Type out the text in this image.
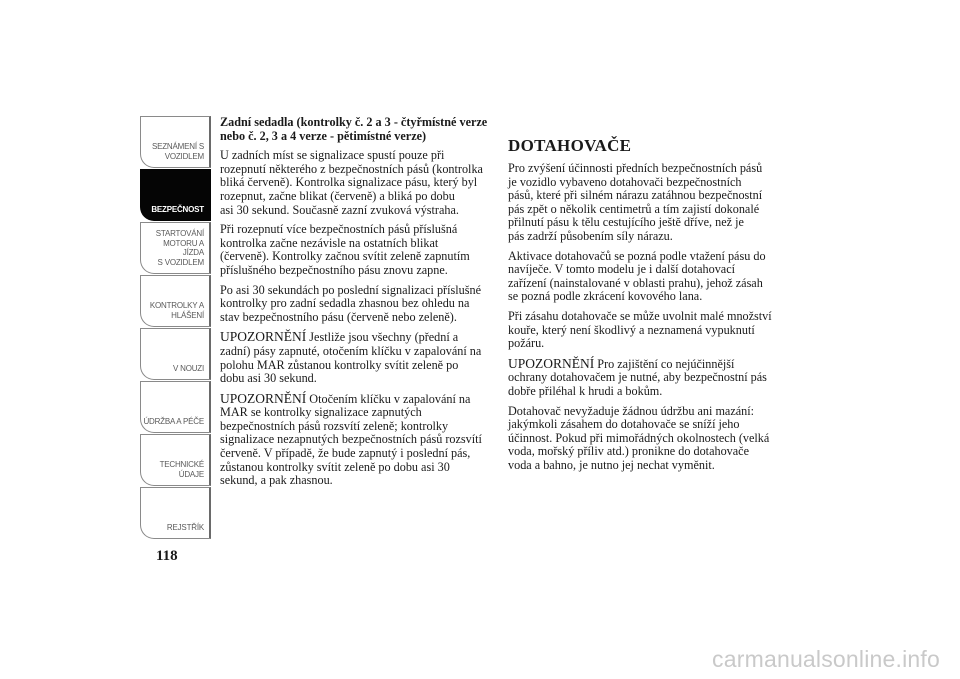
SEZNÁMENÍ S
VOZIDLEM
BEZPEČNOST
STARTOVÁNÍ
MOTORU A JÍZDA
S VOZIDLEM
KONTROLKY A
HLÁŠENÍ
V NOUZI
ÚDRŽBA A PÉČE
TECHNICKÉ
ÚDAJE
REJSTŘÍK
118

Zadní sedadla (kontrolky č. 2 a 3 - čtyřmístné verze
nebo č. 2, 3 a 4 verze - pětimístné verze)

U zadních míst se signalizace spustí pouze při
rozepnutí některého z bezpečnostních pásů (kontrolka
bliká červeně). Kontrolka signalizace pásu, který byl
rozepnut, začne blikat (červeně) a bliká po dobu
asi 30 sekund. Současně zazní zvuková výstraha.

Při rozepnutí více bezpečnostních pásů příslušná
kontrolka začne nezávisle na ostatních blikat
(červeně). Kontrolky začnou svítit zeleně zapnutím
příslušného bezpečnostního pásu znovu zapne.

Po asi 30 sekundách po poslední signalizaci příslušné
kontrolky pro zadní sedadla zhasnou bez ohledu na
stav bezpečnostního pásu (červeně nebo zeleně).

UPOZORNĚNÍ Jestliže jsou všechny (přední a
zadní) pásy zapnuté, otočením klíčku v zapalování na
polohu MAR zůstanou kontrolky svítit zeleně po
dobu asi 30 sekund.

UPOZORNĚNÍ Otočením klíčku v zapalování na
MAR se kontrolky signalizace zapnutých
bezpečnostních pásů rozsvítí zeleně; kontrolky
signalizace nezapnutých bezpečnostních pásů rozsvítí
červeně. V případě, že bude zapnutý i poslední pás,
zůstanou kontrolky svítit zeleně po dobu asi 30
sekund, a pak zhasnou.

DOTAHOVAČE

Pro zvýšení účinnosti předních bezpečnostních pásů
je vozidlo vybaveno dotahovači bezpečnostních
pásů, které při silném nárazu zatáhnou bezpečnostní
pás zpět o několik centimetrů a tím zajistí dokonalé
přilnutí pásu k tělu cestujícího ještě dříve, než je
pás zadrží působením síly nárazu.

Aktivace dotahovačů se pozná podle vtažení pásu do
navíječe. V tomto modelu je i další dotahovací
zařízení (nainstalované v oblasti prahu), jehož zásah
se pozná podle zkrácení kovového lana.

Při zásahu dotahovače se může uvolnit malé množství
kouře, který není škodlivý a neznamená vypuknutí
požáru.

UPOZORNĚNÍ Pro zajištění co nejúčinnější
ochrany dotahovačem je nutné, aby bezpečnostní pás
dobře přiléhal k hrudi a bokům.

Dotahovač nevyžaduje žádnou údržbu ani mazání:
jakýmkoli zásahem do dotahovače se sníží jeho
účinnost. Pokud při mimořádných okolnostech (velká
voda, mořský příliv atd.) pronikne do dotahovače
voda a bahno, je nutno jej nechat vyměnit.

carmanualsonline.info
